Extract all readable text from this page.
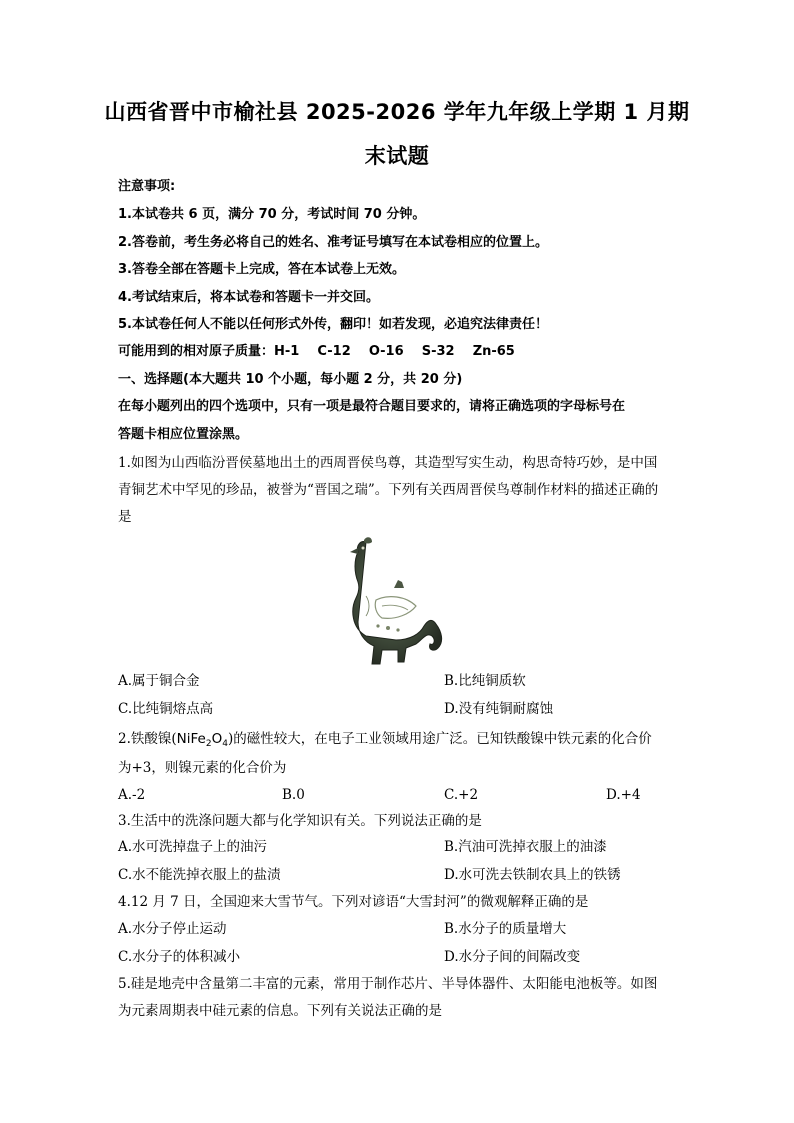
山西省晋中市榆社县 2025-2026 学年九年级上学期 1 月期
末试题
注意事项:
1.本试卷共 6 页，满分 70 分，考试时间 70 分钟。
2.答卷前，考生务必将自己的姓名、准考证号填写在本试卷相应的位置上。
3.答卷全部在答题卡上完成，答在本试卷上无效。
4.考试结束后，将本试卷和答题卡一并交回。
5.本试卷任何人不能以任何形式外传，翻印！如若发现，必追究法律责任！
可能用到的相对原子质量：H-1    C-12    O-16    S-32    Zn-65
一、选择题(本大题共 10 个小题，每小题 2 分，共 20 分)
在每小题列出的四个选项中，只有一项是最符合题目要求的，请将正确选项的字母标号在
答题卡相应位置涂黑。
1.如图为山西临汾晋侯墓地出土的西周晋侯鸟尊，其造型写实生动，构思奇特巧妙，是中国
青铜艺术中罕见的珍品，被誉为“晋国之瑞”。下列有关西周晋侯鸟尊制作材料的描述正确的
是
A.属于铜合金	B.比纯铜质软
C.比纯铜熔点高	D.没有纯铜耐腐蚀
2.铁酸镍$(NiFe_2O_4)$的磁性较大，在电子工业领域用途广泛。已知铁酸镍中铁元素的化合价
为+3，则镍元素的化合价为
A.-2	B.0	C.+2	D.+4
3.生活中的洗涤问题大都与化学知识有关。下列说法正确的是
A.水可洗掉盘子上的油污	B.汽油可洗掉衣服上的油漆
C.水不能洗掉衣服上的盐渍	D.水可洗去铁制农具上的铁锈
4.12 月 7 日，全国迎来大雪节气。下列对谚语“大雪封河”的微观解释正确的是
A.水分子停止运动	B.水分子的质量增大
C.水分子的体积减小	D.水分子间的间隔改变
5.硅是地壳中含量第二丰富的元素，常用于制作芯片、半导体器件、太阳能电池板等。如图
为元素周期表中硅元素的信息。下列有关说法正确的是
